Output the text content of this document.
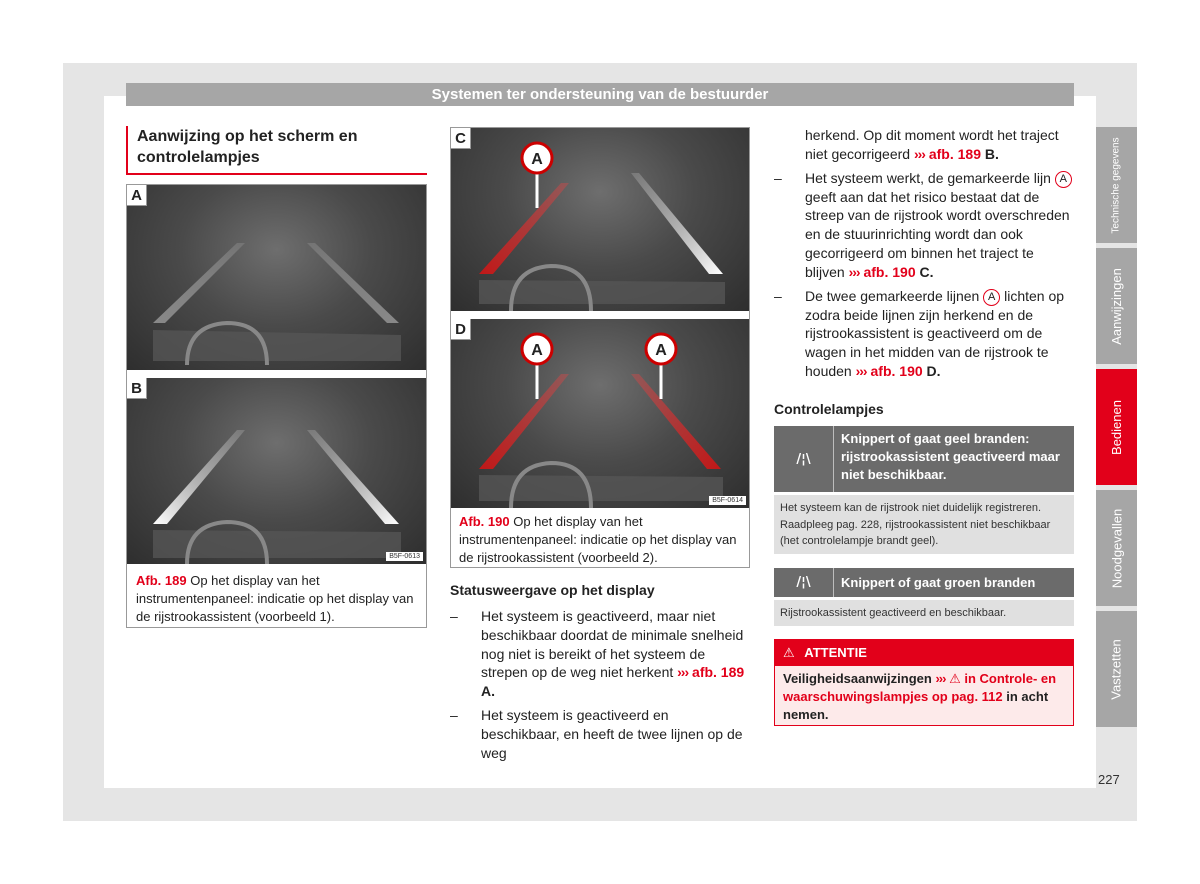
Systemen ter ondersteuning van de bestuurder
Technische gegevens
Aanwijzingen
Bedienen
Noodgevallen
Vastzetten
227
Aanwijzing op het scherm en controlelampjes
A
B
B5F-0613
Afb. 189 Op het display van het instrumentenpaneel: indicatie op het display van de rijstrookassistent (voorbeeld 1).
C
A
D
A	A
B5F-0614
Afb. 190 Op het display van het instrumentenpaneel: indicatie op het display van de rijstrookassistent (voorbeeld 2).
Statusweergave op het display
– Het systeem is geactiveerd, maar niet beschikbaar doordat de minimale snelheid nog niet is bereikt of het systeem de strepen op de weg niet herkent ››› afb. 189 A.
– Het systeem is geactiveerd en beschikbaar, en heeft de twee lijnen op de weg
herkend. Op dit moment wordt het traject niet gecorrigeerd ››› afb. 189 B.
– Het systeem werkt, de gemarkeerde lijn A geeft aan dat het risico bestaat dat de streep van de rijstrook wordt overschreden en de stuurinrichting wordt dan ook gecorrigeerd om binnen het traject te blijven ››› afb. 190 C.
– De twee gemarkeerde lijnen A lichten op zodra beide lijnen zijn herkend en de rijstrookassistent is geactiveerd om de wagen in het midden van de rijstrook te houden ››› afb. 190 D.
Controlelampjes
/¦\
Knippert of gaat geel branden: rijstrookassistent geactiveerd maar niet beschikbaar.
Het systeem kan de rijstrook niet duidelijk registreren. Raadpleeg pag. 228, rijstrookassistent niet beschikbaar (het controlelampje brandt geel).
/¦\	Knippert of gaat groen branden
Rijstrookassistent geactiveerd en beschikbaar.
⚠ ATTENTIE
Veiligheidsaanwijzingen ››› ⚠ in Controle- en waarschuwingslampjes op pag. 112 in acht nemen.
